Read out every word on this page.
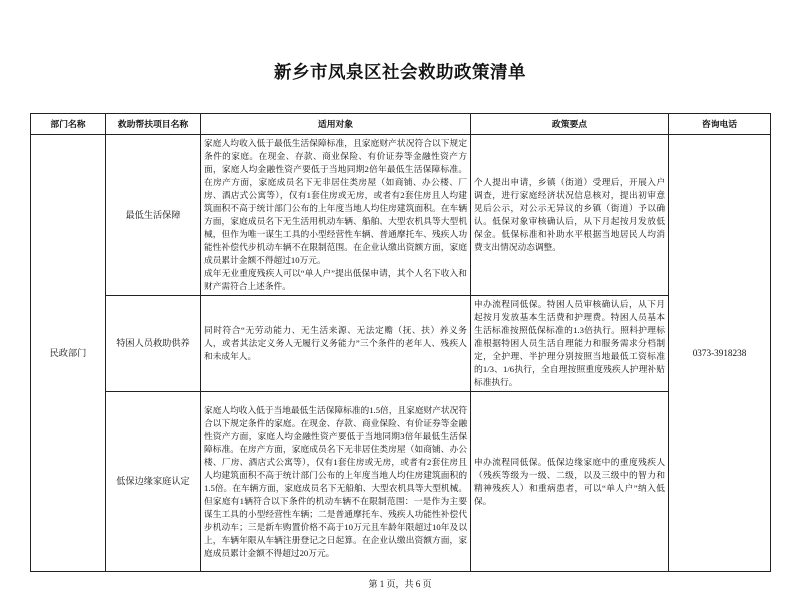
新乡市凤泉区社会救助政策清单
部门名称	救助帮扶项目名称	适用对象	政策要点	咨询电话
民政部门	最低生活保障	家庭人均收入低于最低生活保障标准，且家庭财产状况符合以下规定条件的家庭。在现金、存款、商业保险、有价证券等金融性资产方面，家庭人均金融性资产要低于当地同期2倍年最低生活保障标准。在房产方面，家庭成员名下无非居住类房屋（如商铺、办公楼、厂房、酒店式公寓等），仅有1套住房或无房，或者有2套住房且人均建筑面积不高于统计部门公布的上年度当地人均住房建筑面积。在车辆方面，家庭成员名下无生活用机动车辆、船舶、大型农机具等大型机械，但作为唯一谋生工具的小型经营性车辆、普通摩托车、残疾人功能性补偿代步机动车辆不在限制范围。在企业认缴出资额方面，家庭成员累计金额不得超过10万元。

成年无业重度残疾人可以“单人户”提出低保申请，其个人名下收入和财产需符合上述条件。	个人提出申请，乡镇（街道）受理后，开展入户调查，进行家庭经济状况信息核对，提出初审意见后公示，对公示无异议的乡镇（街道）予以确认。低保对象审核确认后，从下月起按月发放低保金。低保标准和补助水平根据当地居民人均消费支出情况动态调整。	0373-3918238
	特困人员救助供养	同时符合“无劳动能力、无生活来源、无法定赡（抚、扶）养义务人，或者其法定义务人无履行义务能力”三个条件的老年人、残疾人和未成年人。	申办流程同低保。特困人员审核确认后，从下月起按月发放基本生活费和护理费。特困人员基本生活标准按照低保标准的1.3倍执行。照料护理标准根据特困人员生活自理能力和服务需求分档制定，全护理、半护理分别按照当地最低工资标准的1/3、1/6执行，全自理按照重度残疾人护理补贴标准执行。	
	低保边缘家庭认定	家庭人均收入低于当地最低生活保障标准的1.5倍，且家庭财产状况符合以下规定条件的家庭。在现金、存款、商业保险、有价证券等金融性资产方面，家庭人均金融性资产要低于当地同期3倍年最低生活保障标准。在房产方面，家庭成员名下无非居住类房屋（如商铺、办公楼、厂房、酒店式公寓等），仅有1套住房或无房，或者有2套住房且人均建筑面积不高于统计部门公布的上年度当地人均住房建筑面积的1.5倍。在车辆方面，家庭成员名下无船舶、大型农机具等大型机械。但家庭有1辆符合以下条件的机动车辆不在限制范围：一是作为主要谋生工具的小型经营性车辆；二是普通摩托车、残疾人功能性补偿代步机动车；三是新车购置价格不高于10万元且车龄年限超过10年及以上，车辆年限从车辆注册登记之日起算。在企业认缴出资额方面，家庭成员累计金额不得超过20万元。	申办流程同低保。低保边缘家庭中的重度残疾人（残疾等级为一级、二级，以及三级中的智力和精神残疾人）和重病患者，可以“单人户”纳入低保。	
第 1 页，共 6 页
